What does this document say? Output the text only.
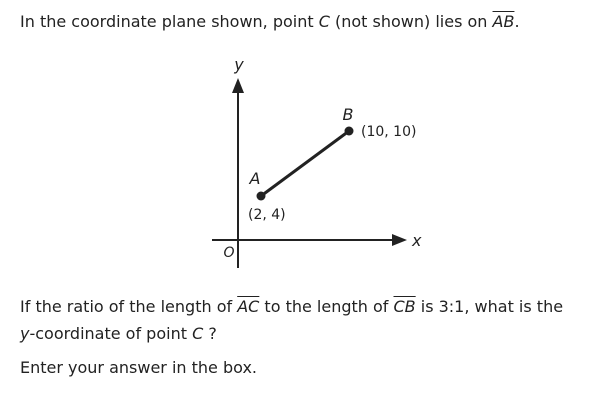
In the coordinate plane shown, point C (not shown) lies on $\overline{AB}$.
y
x
O
A
(2, 4)
B
(10, 10)
If the ratio of the length of $\overline{AC}$ to the length of $\overline{CB}$ is 3:1, what is the
y-coordinate of point C ?
Enter your answer in the box.
